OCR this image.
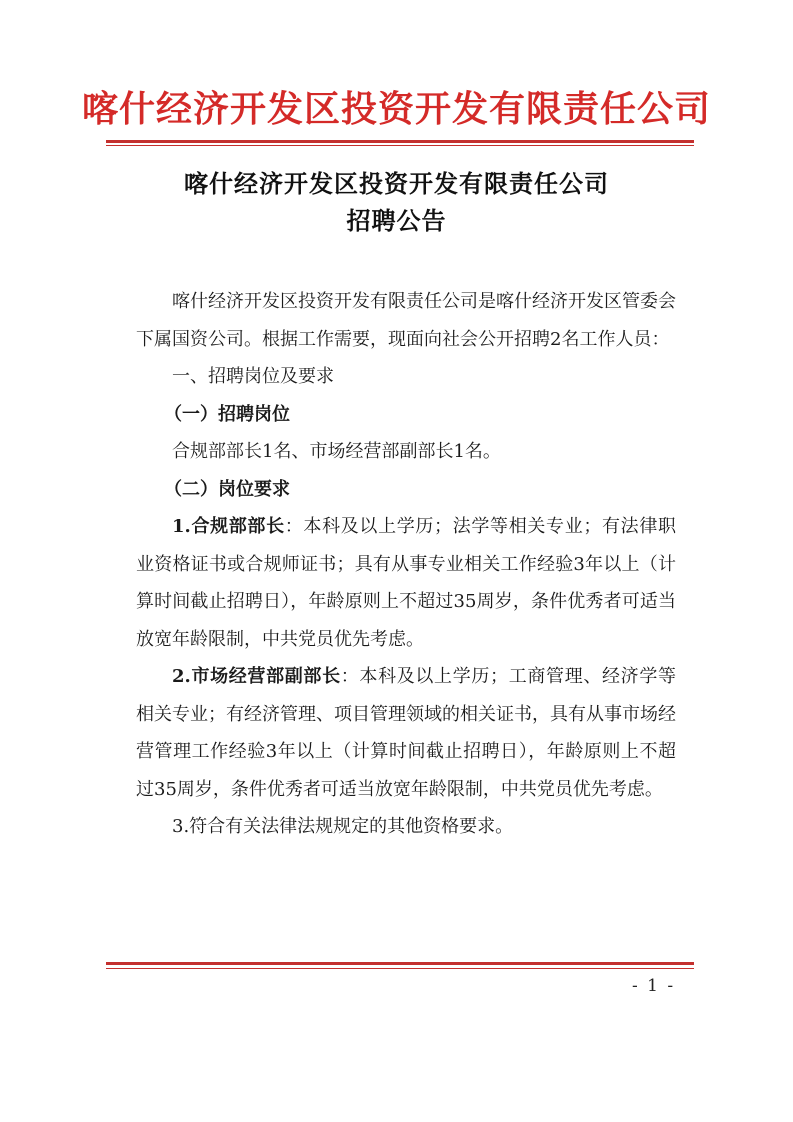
喀什经济开发区投资开发有限责任公司
喀什经济开发区投资开发有限责任公司
招聘公告

喀什经济开发区投资开发有限责任公司是喀什经济开发区管委会下属国资公司。根据工作需要，现面向社会公开招聘2名工作人员：

一、招聘岗位及要求

（一）招聘岗位

合规部部长1名、市场经营部副部长1名。

（二）岗位要求

1.合规部部长：本科及以上学历；法学等相关专业；有法律职业资格证书或合规师证书；具有从事专业相关工作经验3年以上（计算时间截止招聘日），年龄原则上不超过35周岁，条件优秀者可适当放宽年龄限制，中共党员优先考虑。

2.市场经营部副部长：本科及以上学历；工商管理、经济学等相关专业；有经济管理、项目管理领域的相关证书，具有从事市场经营管理工作经验3年以上（计算时间截止招聘日），年龄原则上不超过35周岁，条件优秀者可适当放宽年龄限制，中共党员优先考虑。

3.符合有关法律法规规定的其他资格要求。

- 1 -
